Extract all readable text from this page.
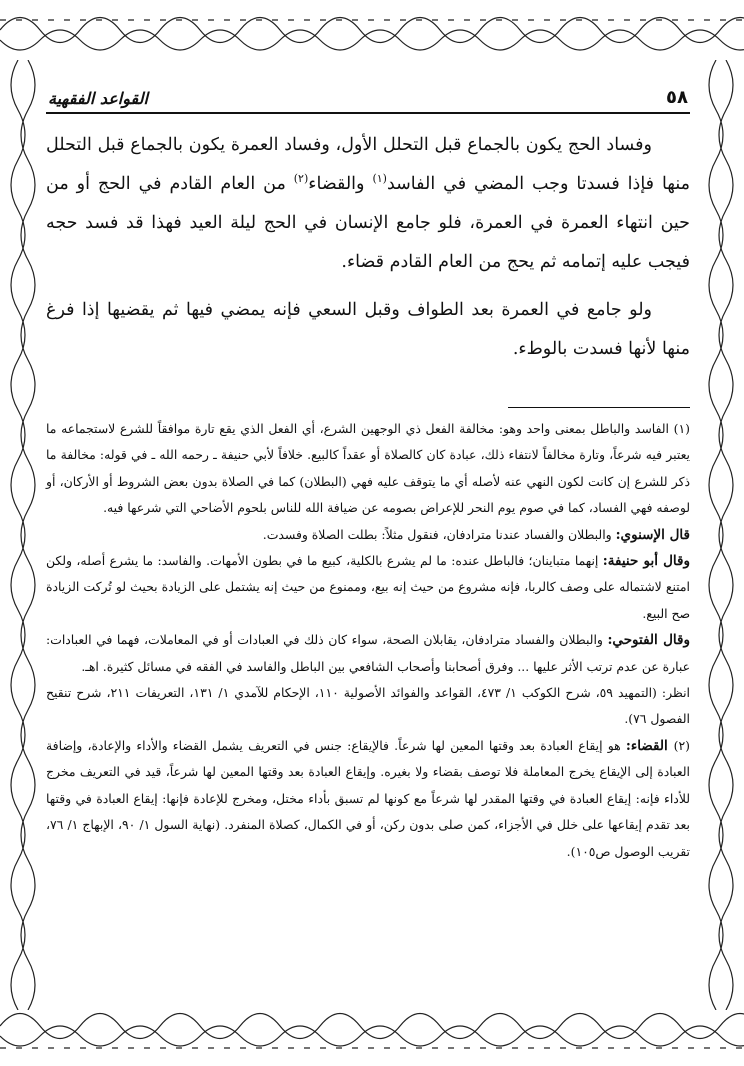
٥٨
القواعد الفقهية

وفساد الحج يكون بالجماع قبل التحلل الأول، وفساد العمرة يكون بالجماع قبل التحلل منها فإذا فسدتا وجب المضي في الفاسد$^{(١)}$ والقضاء$^{(٢)}$ من العام القادم في الحج أو من حين انتهاء العمرة في العمرة، فلو جامع الإنسان في الحج ليلة العيد فهذا قد فسد حجه فيجب عليه إتمامه ثم يحج من العام القادم قضاء.

ولو جامع في العمرة بعد الطواف وقبل السعي فإنه يمضي فيها ثم يقضيها إذا فرغ منها لأنها فسدت بالوطء.

(١) الفاسد والباطل بمعنى واحد وهو: مخالفة الفعل ذي الوجهين الشرع، أي الفعل الذي يقع تارة موافقاً للشرع لاستجماعه ما يعتبر فيه شرعاً، وتارة مخالفاً لانتفاء ذلك، عبادة كان كالصلاة أو عقداً كالبيع. خلافاً لأبي حنيفة ـ رحمه الله ـ في قوله: مخالفة ما ذكر للشرع إن كانت لكون النهي عنه لأصله أي ما يتوقف عليه فهي (البطلان) كما في الصلاة بدون بعض الشروط أو الأركان، أو لوصفه فهي الفساد، كما في صوم يوم النحر للإعراض بصومه عن ضيافة الله للناس بلحوم الأضاحي التي شرعها فيه.

قال الإسنوي: والبطلان والفساد عندنا مترادفان، فنقول مثلاً: بطلت الصلاة وفسدت.

وقال أبو حنيفة: إنهما متباينان؛ فالباطل عنده: ما لم يشرع بالكلية، كبيع ما في بطون الأمهات. والفاسد: ما يشرع أصله، ولكن امتنع لاشتماله على وصف كالربا، فإنه مشروع من حيث إنه بيع، وممنوع من حيث إنه يشتمل على الزيادة بحيث لو تُركت الزيادة صح البيع.

وقال الفتوحي: والبطلان والفساد مترادفان، يقابلان الصحة، سواء كان ذلك في العبادات أو في المعاملات، فهما في العبادات: عبارة عن عدم ترتب الأثر عليها ... وفرق أصحابنا وأصحاب الشافعي بين الباطل والفاسد في الفقه في مسائل كثيرة. اهـ.

انظر: (التمهيد ٥٩، شرح الكوكب ١/ ٤٧٣، القواعد والفوائد الأصولية ١١٠، الإحكام للآمدي ١/ ١٣١، التعريفات ٢١١، شرح تنقيح الفصول ٧٦).

(٢) القضاء: هو إيقاع العبادة بعد وقتها المعين لها شرعاً. فالإيقاع: جنس في التعريف يشمل القضاء والأداء والإعادة، وإضافة العبادة إلى الإيقاع يخرج المعاملة فلا توصف بقضاء ولا بغيره. وإيقاع العبادة بعد وقتها المعين لها شرعاً، قيد في التعريف مخرج للأداء فإنه: إيقاع العبادة في وقتها المقدر لها شرعاً مع كونها لم تسبق بأداء مختل، ومخرج للإعادة فإنها: إيقاع العبادة في وقتها بعد تقدم إيقاعها على خلل في الأجزاء، كمن صلى بدون ركن، أو في الكمال، كصلاة المنفرد. (نهاية السول ١/ ٩٠، الإبهاج ١/ ٧٦، تقريب الوصول ص١٠٥).
